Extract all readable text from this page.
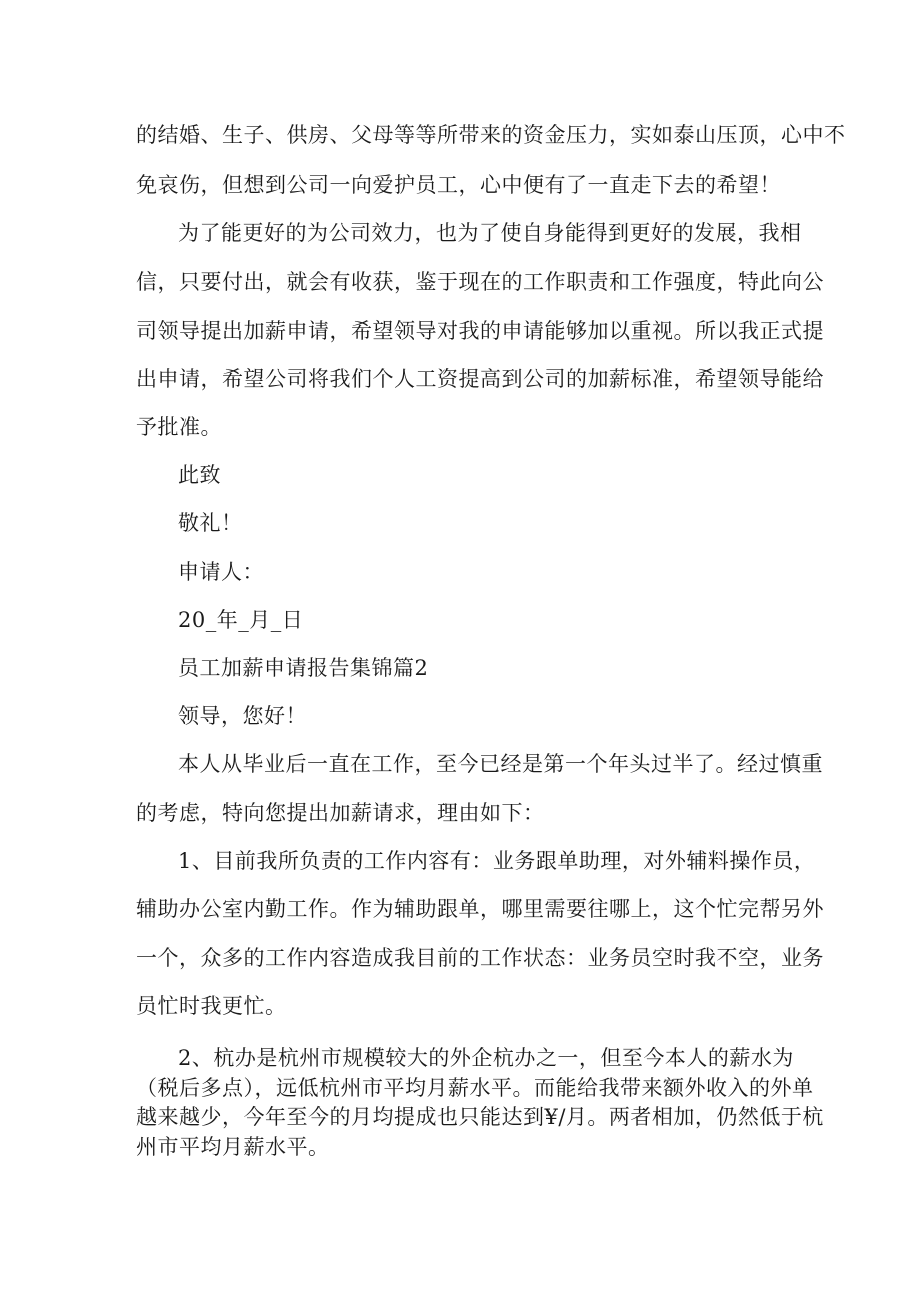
的结婚、生子、供房、父母等等所带来的资金压力，实如泰山压顶，心中不
免哀伤，但想到公司一向爱护员工，心中便有了一直走下去的希望！
为了能更好的为公司效力，也为了使自身能得到更好的发展，我相
信，只要付出，就会有收获，鉴于现在的工作职责和工作强度，特此向公
司领导提出加薪申请，希望领导对我的申请能够加以重视。所以我正式提
出申请，希望公司将我们个人工资提高到公司的加薪标准，希望领导能给
予批准。
此致
敬礼！
申请人：
20_年_月_日
员工加薪申请报告集锦篇2
领导，您好！
本人从毕业后一直在工作，至今已经是第一个年头过半了。经过慎重
的考虑，特向您提出加薪请求，理由如下：
1、目前我所负责的工作内容有：业务跟单助理，对外辅料操作员，
辅助办公室内勤工作。作为辅助跟单，哪里需要往哪上，这个忙完帮另外
一个，众多的工作内容造成我目前的工作状态：业务员空时我不空，业务
员忙时我更忙。
2、杭办是杭州市规模较大的外企杭办之一，但至今本人的薪水为
（税后多点），远低杭州市平均月薪水平。而能给我带来额外收入的外单
越来越少，今年至今的月均提成也只能达到¥/月。两者相加，仍然低于杭
州市平均月薪水平。
